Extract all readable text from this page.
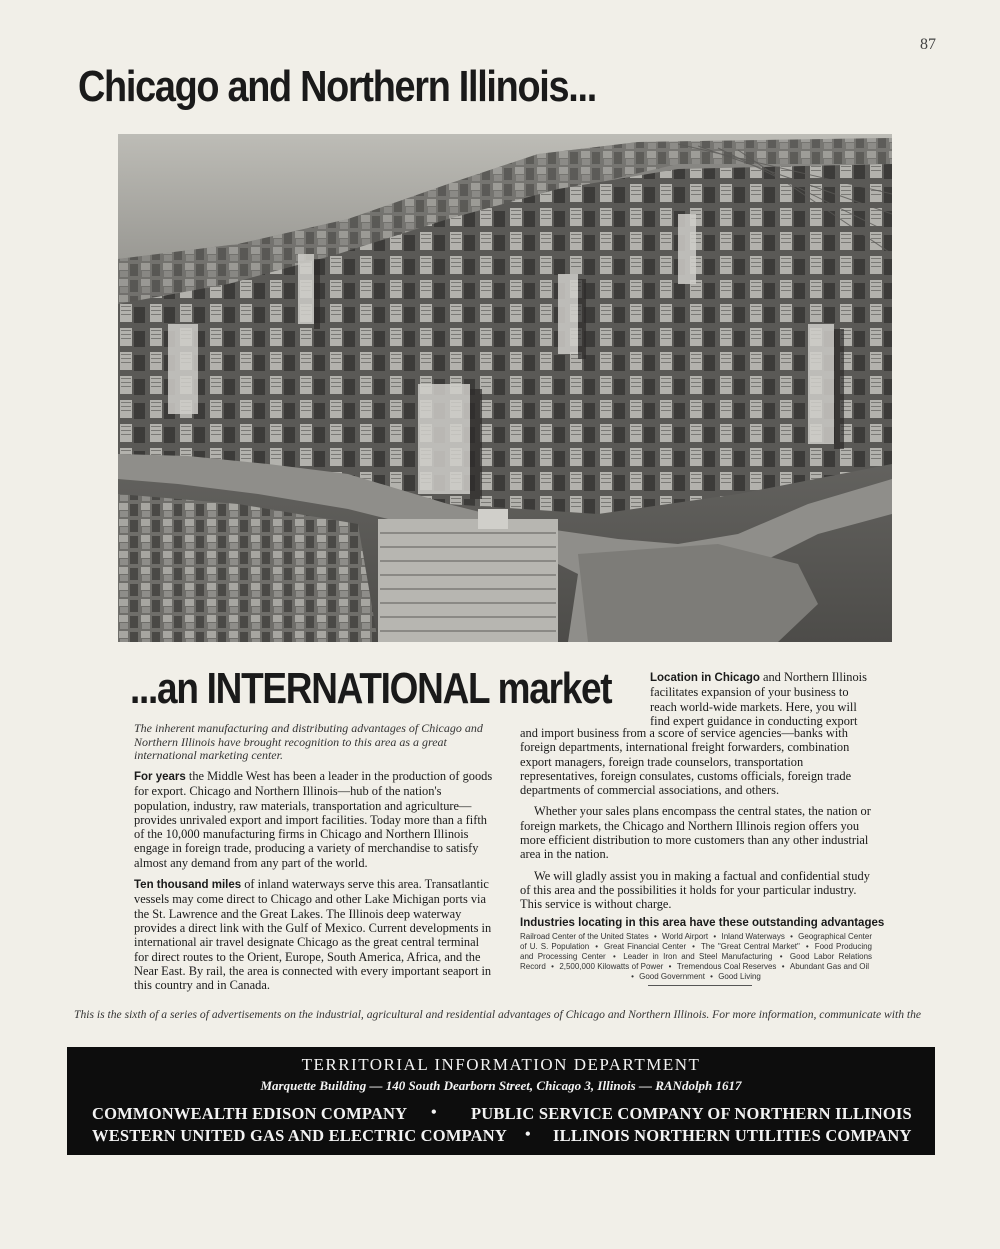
87
Chicago and Northern Illinois...
...an INTERNATIONAL market	Location in Chicago and Northern Illinois facilitates expansion of your business to reach world-wide markets. Here, you will find expert guidance in conducting export

The inherent manufacturing and distributing advantages of Chicago and Northern Illinois have brought recognition to this area as a great international marketing center.

For years the Middle West has been a leader in the production of goods for export. Chicago and Northern Illinois—hub of the nation's population, industry, raw materials, transportation and agriculture—provides unrivaled export and import facilities. Today more than a fifth of the 10,000 manufacturing firms in Chicago and Northern Illinois engage in foreign trade, producing a variety of merchandise to satisfy almost any demand from any part of the world.

Ten thousand miles of inland waterways serve this area. Transatlantic vessels may come direct to Chicago and other Lake Michigan ports via the St. Lawrence and the Great Lakes. The Illinois deep waterway provides a direct link with the Gulf of Mexico. Current developments in international air travel designate Chicago as the great central terminal for direct routes to the Orient, Europe, South America, Africa, and the Near East. By rail, the area is connected with every important seaport in this country and in Canada.

and import business from a score of service agencies—banks with foreign departments, international freight forwarders, combination export managers, foreign trade counselors, transportation representatives, foreign consulates, customs officials, foreign trade departments of commercial associations, and others.

Whether your sales plans encompass the central states, the nation or foreign markets, the Chicago and Northern Illinois region offers you more efficient distribution to more customers than any other industrial area in the nation.

We will gladly assist you in making a factual and confidential study of this area and the possibilities it holds for your particular industry. This service is without charge.

Industries locating in this area have these outstanding advantages

Railroad Center of the United States • World Airport • Inland Waterways • Geographical Center of U. S. Population • Great Financial Center • The "Great Central Market" • Food Producing and Processing Center • Leader in Iron and Steel Manufacturing • Good Labor Relations Record • 2,500,000 Kilowatts of Power • Tremendous Coal Reserves • Abundant Gas and Oil • Good Government • Good Living

This is the sixth of a series of advertisements on the industrial, agricultural and residential advantages of Chicago and Northern Illinois. For more information, communicate with the

TERRITORIAL INFORMATION DEPARTMENT
Marquette Building — 140 South Dearborn Street, Chicago 3, Illinois — RANdolph 1617
COMMONWEALTH EDISON COMPANY • PUBLIC SERVICE COMPANY OF NORTHERN ILLINOIS
WESTERN UNITED GAS AND ELECTRIC COMPANY • ILLINOIS NORTHERN UTILITIES COMPANY
